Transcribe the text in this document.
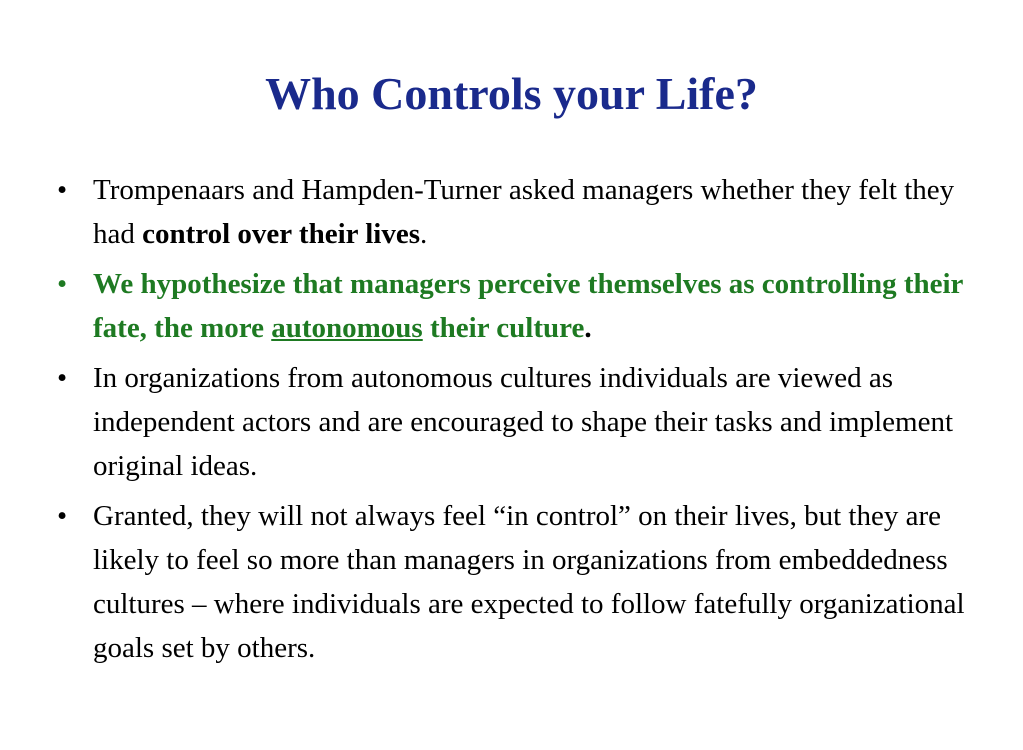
Who Controls your Life?
• Trompenaars and Hampden-Turner asked managers whether they felt they had control over their lives.
• We hypothesize that managers perceive themselves as controlling their fate, the more autonomous their culture.
• In organizations from autonomous cultures individuals are viewed as independent actors and are encouraged to shape their tasks and implement original ideas.
• Granted, they will not always feel “in control” on their lives, but they are likely to feel so more than managers in organizations from embeddedness cultures – where individuals are expected to follow fatefully organizational goals set by others.
